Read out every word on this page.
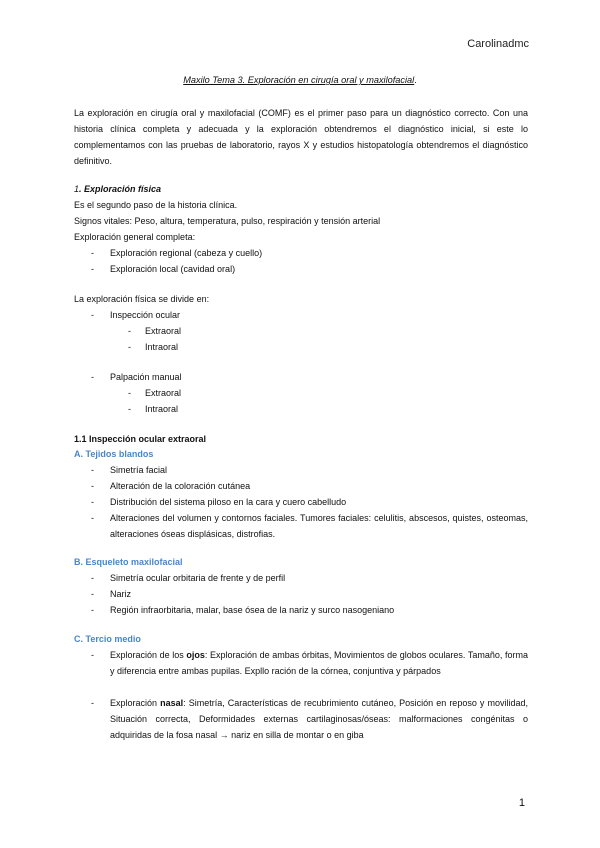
Carolinadmc
Maxilo Tema 3. Exploración en cirugía oral y maxilofacial.
La exploración en cirugía oral y maxilofacial (COMF) es el primer paso para un diagnóstico correcto. Con una historia clínica completa y adecuada y la exploración obtendremos el diagnóstico inicial, si este lo complementamos con las pruebas de laboratorio, rayos X y estudios histopatología obtendremos el diagnóstico definitivo.
1. Exploración física
Es el segundo paso de la historia clínica.
Signos vitales: Peso, altura, temperatura, pulso, respiración y tensión arterial
Exploración general completa:
- Exploración regional (cabeza y cuello)
- Exploración local (cavidad oral)
La exploración física se divide en:
- Inspección ocular
- Extraoral
- Intraoral
- Palpación manual
- Extraoral
- Intraoral
1.1 Inspección ocular extraoral
A. Tejidos blandos
- Simetría facial
- Alteración de la coloración cutánea
- Distribución del sistema piloso en la cara y cuero cabelludo
- Alteraciones del volumen y contornos faciales. Tumores faciales: celulitis, abscesos, quistes, osteomas, alteraciones óseas displásicas, distrofias.
B. Esqueleto maxilofacial
- Simetría ocular orbitaria de frente y de perfil
- Nariz
- Región infraorbitaria, malar, base ósea de la nariz y surco nasogeniano
C. Tercio medio
- Exploración de los ojos: Exploración de ambas órbitas, Movimientos de globos oculares. Tamaño, forma y diferencia entre ambas pupilas. Expllo ración de la córnea, conjuntiva y párpados
- Exploración nasal: Simetría, Características de recubrimiento cutáneo, Posición en reposo y movilidad, Situación correcta, Deformidades externas cartilaginosas/óseas: malformaciones congénitas o adquiridas de la fosa nasal → nariz en silla de montar o en giba
1
